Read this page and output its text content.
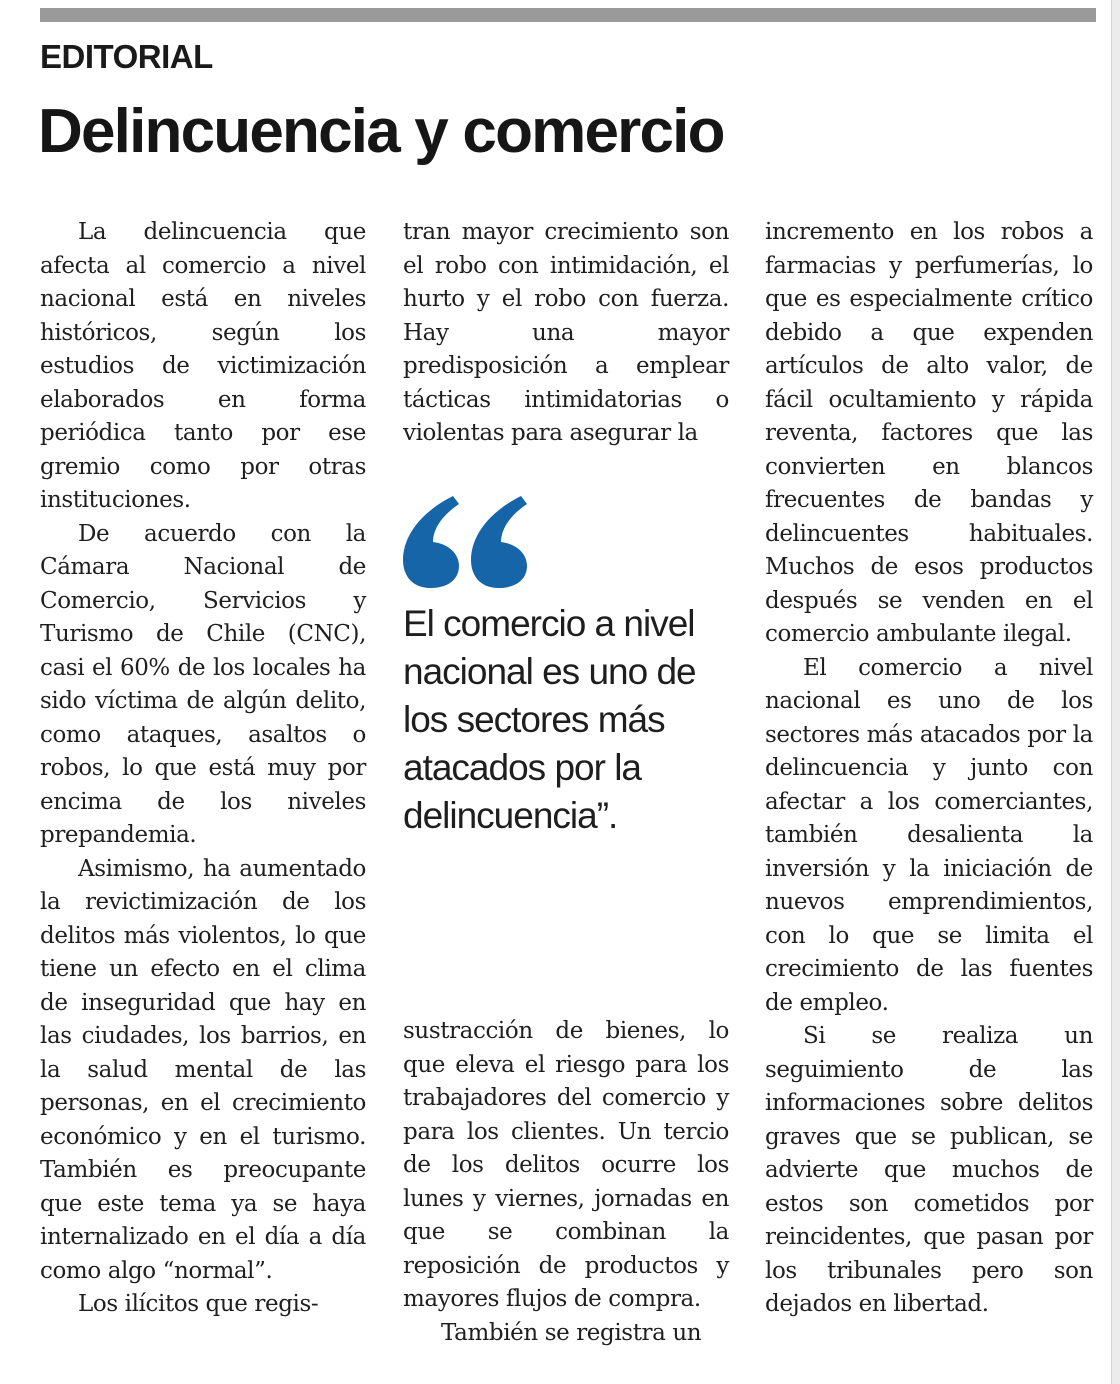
EDITORIAL
Delincuencia y comercio

La delincuencia que afecta al comercio a nivel nacional está en niveles históricos, según los estudios de victimización elaborados en forma periódica tanto por ese gremio como por otras instituciones.

De acuerdo con la Cámara Nacional de Comercio, Servicios y Turismo de Chile (CNC), casi el 60% de los locales ha sido víctima de algún delito, como ataques, asaltos o robos, lo que está muy por encima de los niveles prepandemia.

Asimismo, ha aumentado la revictimización de los delitos más violentos, lo que tiene un efecto en el clima de inseguridad que hay en las ciudades, los barrios, en la salud mental de las personas, en el crecimiento económico y en el turismo. También es preocupante que este tema ya se haya internalizado en el día a día como algo “normal”.

Los ilícitos que regis-

tran mayor crecimiento son el robo con intimidación, el hurto y el robo con fuerza. Hay una mayor predisposición a emplear tácticas intimidatorias o violentas para asegurar la

El comercio a nivel
nacional es uno de
los sectores más
atacados por la
delincuencia”.

sustracción de bienes, lo que eleva el riesgo para los trabajadores del comercio y para los clientes. Un tercio de los delitos ocurre los lunes y viernes, jornadas en que se combinan la reposición de productos y mayores flujos de compra.

También se registra un

incremento en los robos a farmacias y perfumerías, lo que es especialmente crítico debido a que expenden artículos de alto valor, de fácil ocultamiento y rápida reventa, factores que las convierten en blancos frecuentes de bandas y delincuentes habituales. Muchos de esos productos después se venden en el comercio ambulante ilegal.

El comercio a nivel nacional es uno de los sectores más atacados por la delincuencia y junto con afectar a los comerciantes, también desalienta la inversión y la iniciación de nuevos emprendimientos, con lo que se limita el crecimiento de las fuentes de empleo.

Si se realiza un seguimiento de las informaciones sobre delitos graves que se publican, se advierte que muchos de estos son cometidos por reincidentes, que pasan por los tribunales pero son dejados en libertad.
